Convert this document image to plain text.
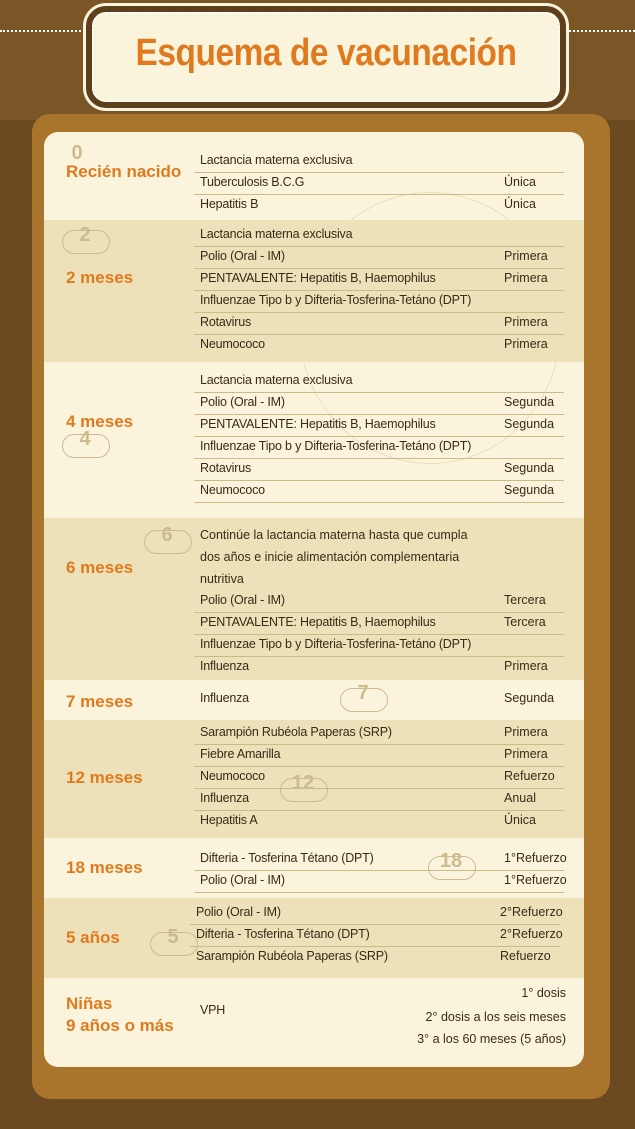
Esquema de vacunación
Recién nacido
0	Lactancia materna exclusiva
Tuberculosis B.C.G	Única
Hepatitis B	Única
2 meses
2	Lactancia materna exclusiva
Polio (Oral - IM)	Primera
PENTAVALENTE: Hepatitis B, Haemophilus	Primera
Influenzae Tipo b y Difteria-Tosferina-Tetáno (DPT)
Rotavirus	Primera
Neumococo	Primera
4 meses
4
Lactancia materna exclusiva
Polio (Oral - IM)	Segunda
PENTAVALENTE: Hepatitis B, Haemophilus	Segunda
Influenzae Tipo b y Difteria-Tosferina-Tetáno (DPT)
Rotavirus	Segunda
Neumococo	Segunda
6 meses
6	Continúe la lactancia materna hasta que cumpla
dos años e inicie alimentación complementaria
nutritiva
Polio (Oral - IM)	Tercera
PENTAVALENTE: Hepatitis B, Haemophilus	Tercera
Influenzae Tipo b y Difteria-Tosferina-Tetáno (DPT)
Influenza	Primera
7 meses	7
Influenza	Segunda
12 meses	12
Sarampión Rubéola Paperas (SRP)	Primera
Fiebre Amarilla	Primera
Neumococo	Refuerzo
Influenza	Anual
Hepatitis A	Única
18 meses	18
Difteria - Tosferina Tétano (DPT)	1°Refuerzo
Polio (Oral - IM)	1°Refuerzo
5 años	5
Polio (Oral - IM)	2°Refuerzo
Difteria - Tosferina Tétano (DPT)	2°Refuerzo
Sarampión Rubéola Paperas (SRP)	Refuerzo
Niñas
9 años o más
VPH
1° dosis
2° dosis a los seis meses
3° a los 60 meses (5 años)
